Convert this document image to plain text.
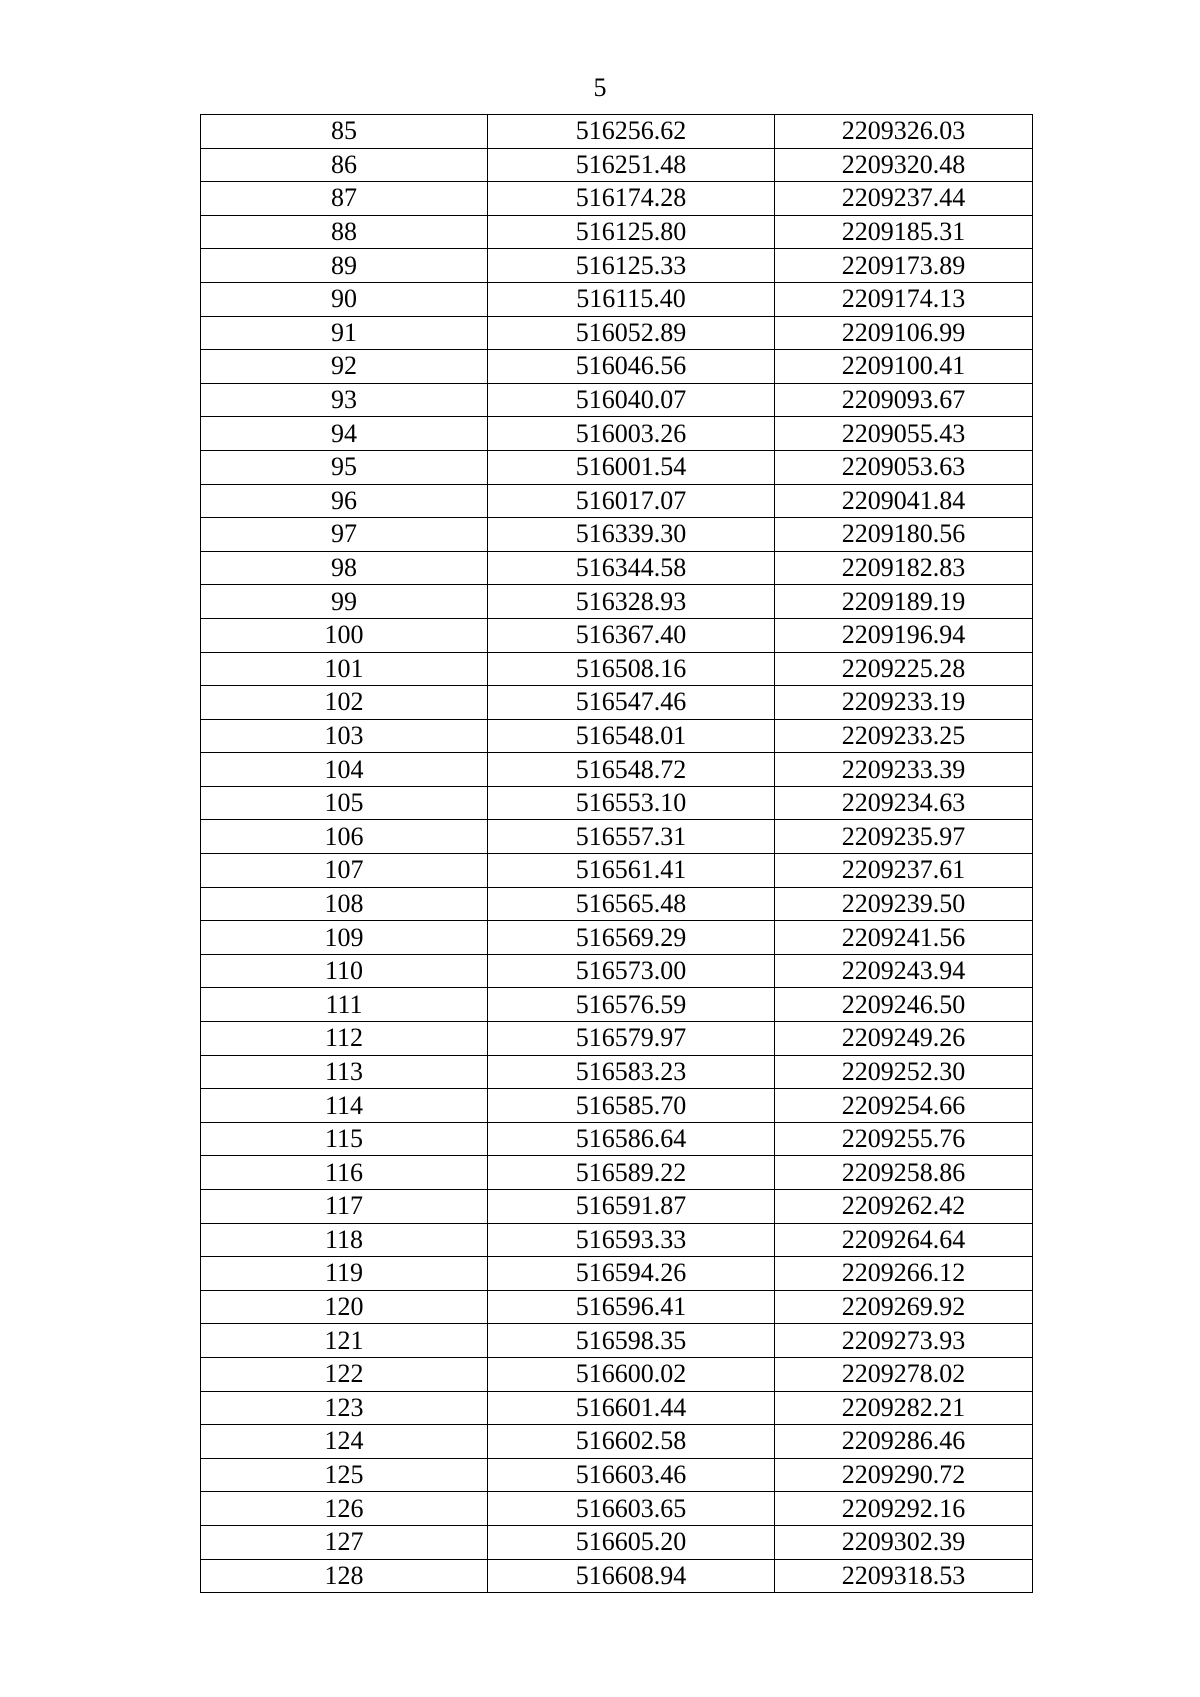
5
85	516256.62	2209326.03
86	516251.48	2209320.48
87	516174.28	2209237.44
88	516125.80	2209185.31
89	516125.33	2209173.89
90	516115.40	2209174.13
91	516052.89	2209106.99
92	516046.56	2209100.41
93	516040.07	2209093.67
94	516003.26	2209055.43
95	516001.54	2209053.63
96	516017.07	2209041.84
97	516339.30	2209180.56
98	516344.58	2209182.83
99	516328.93	2209189.19
100	516367.40	2209196.94
101	516508.16	2209225.28
102	516547.46	2209233.19
103	516548.01	2209233.25
104	516548.72	2209233.39
105	516553.10	2209234.63
106	516557.31	2209235.97
107	516561.41	2209237.61
108	516565.48	2209239.50
109	516569.29	2209241.56
110	516573.00	2209243.94
111	516576.59	2209246.50
112	516579.97	2209249.26
113	516583.23	2209252.30
114	516585.70	2209254.66
115	516586.64	2209255.76
116	516589.22	2209258.86
117	516591.87	2209262.42
118	516593.33	2209264.64
119	516594.26	2209266.12
120	516596.41	2209269.92
121	516598.35	2209273.93
122	516600.02	2209278.02
123	516601.44	2209282.21
124	516602.58	2209286.46
125	516603.46	2209290.72
126	516603.65	2209292.16
127	516605.20	2209302.39
128	516608.94	2209318.53
